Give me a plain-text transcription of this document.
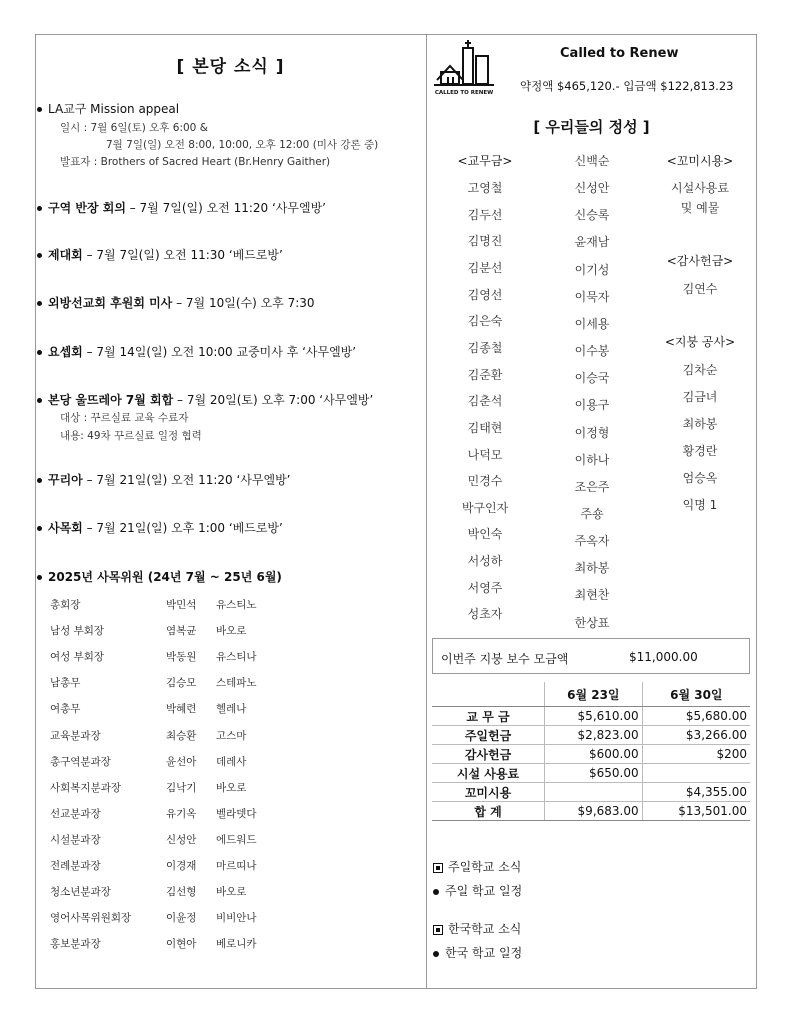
[ 본당 소식 ]
LA교구 Mission appeal
일시 : 7월 6일(토) 오후 6:00 &
7월 7일(일) 오전 8:00, 10:00, 오후 12:00 (미사 강론 중)
발표자 : Brothers of Sacred Heart (Br.Henry Gaither)
구역 반장 회의 – 7월 7일(일) 오전 11:20 ‘사무엘방’
제대회 – 7월 7일(일) 오전 11:30 ‘베드로방’
외방선교회 후원회 미사 – 7월 10일(수) 오후 7:30
요셉회 – 7월 14일(일) 오전 10:00 교중미사 후 ‘사무엘방’
본당 울뜨레아 7월 회합 – 7월 20일(토) 오후 7:00 ‘사무엘방’
대상 : 꾸르실료 교육 수료자
내용: 49차 꾸르실료 일정 협력
꾸리아 – 7월 21일(일) 오전 11:20 ‘사무엘방’
사목회 – 7월 21일(일) 오후 1:00 ‘베드로방’
2025년 사목위원 (24년 7월 ~ 25년 6월)
총회장	박민석 유스티노
남성 부회장	염복균 바오로
여성 부회장	박동원 유스티나
남총무	김승모 스테파노
여총무	박혜련 헬레나
교육분과장	최승환 고스마
총구역분과장	윤선아 데레사
사회복지분과장	김낙기 바오로
선교분과장	유기옥 벨라뎃다
시설분과장	신성안 에드워드
전례분과장	이경재 마르띠나
청소년분과장	김선형 바오로
영어사목위원회장	이윤정 비비안나
홍보분과장	이현아 베로니카
CALLED TO RENEW
Called to Renew
약정액 $465,120.- 입금액 $122,813.23
[ 우리들의 정성 ]
<교무금>
고영철
김두선
김명진
김분선
김영선
김은숙
김종철
김준환
김춘석
김태현
나덕모
민경수
박구인자
박인숙
서성하
서영주
성초자
신백순
신성안
신승록
윤재남
이기성
이묵자
이세용
이수봉
이승국
이용구
이정형
이하나
조은주
주숑
주옥자
최하봉
최현찬
한상표
<꼬미시용>
시설사용료
및 예물
<감사헌금>
김연수
<지붕 공사>
김차순
김금녀
최하봉
황경란
엄승옥
익명 1
이번주 지붕 보수 모금액	$11,000.00
	6월 23일	6월 30일
교 무 금	$5,610.00	$5,680.00
주일헌금	$2,823.00	$3,266.00
감사헌금	$600.00	$200
시설 사용료	$650.00	
꼬미시용		$4,355.00
합 계	$9,683.00	$13,501.00
주일학교 소식
주일 학교 일정
한국학교 소식
한국 학교 일정
